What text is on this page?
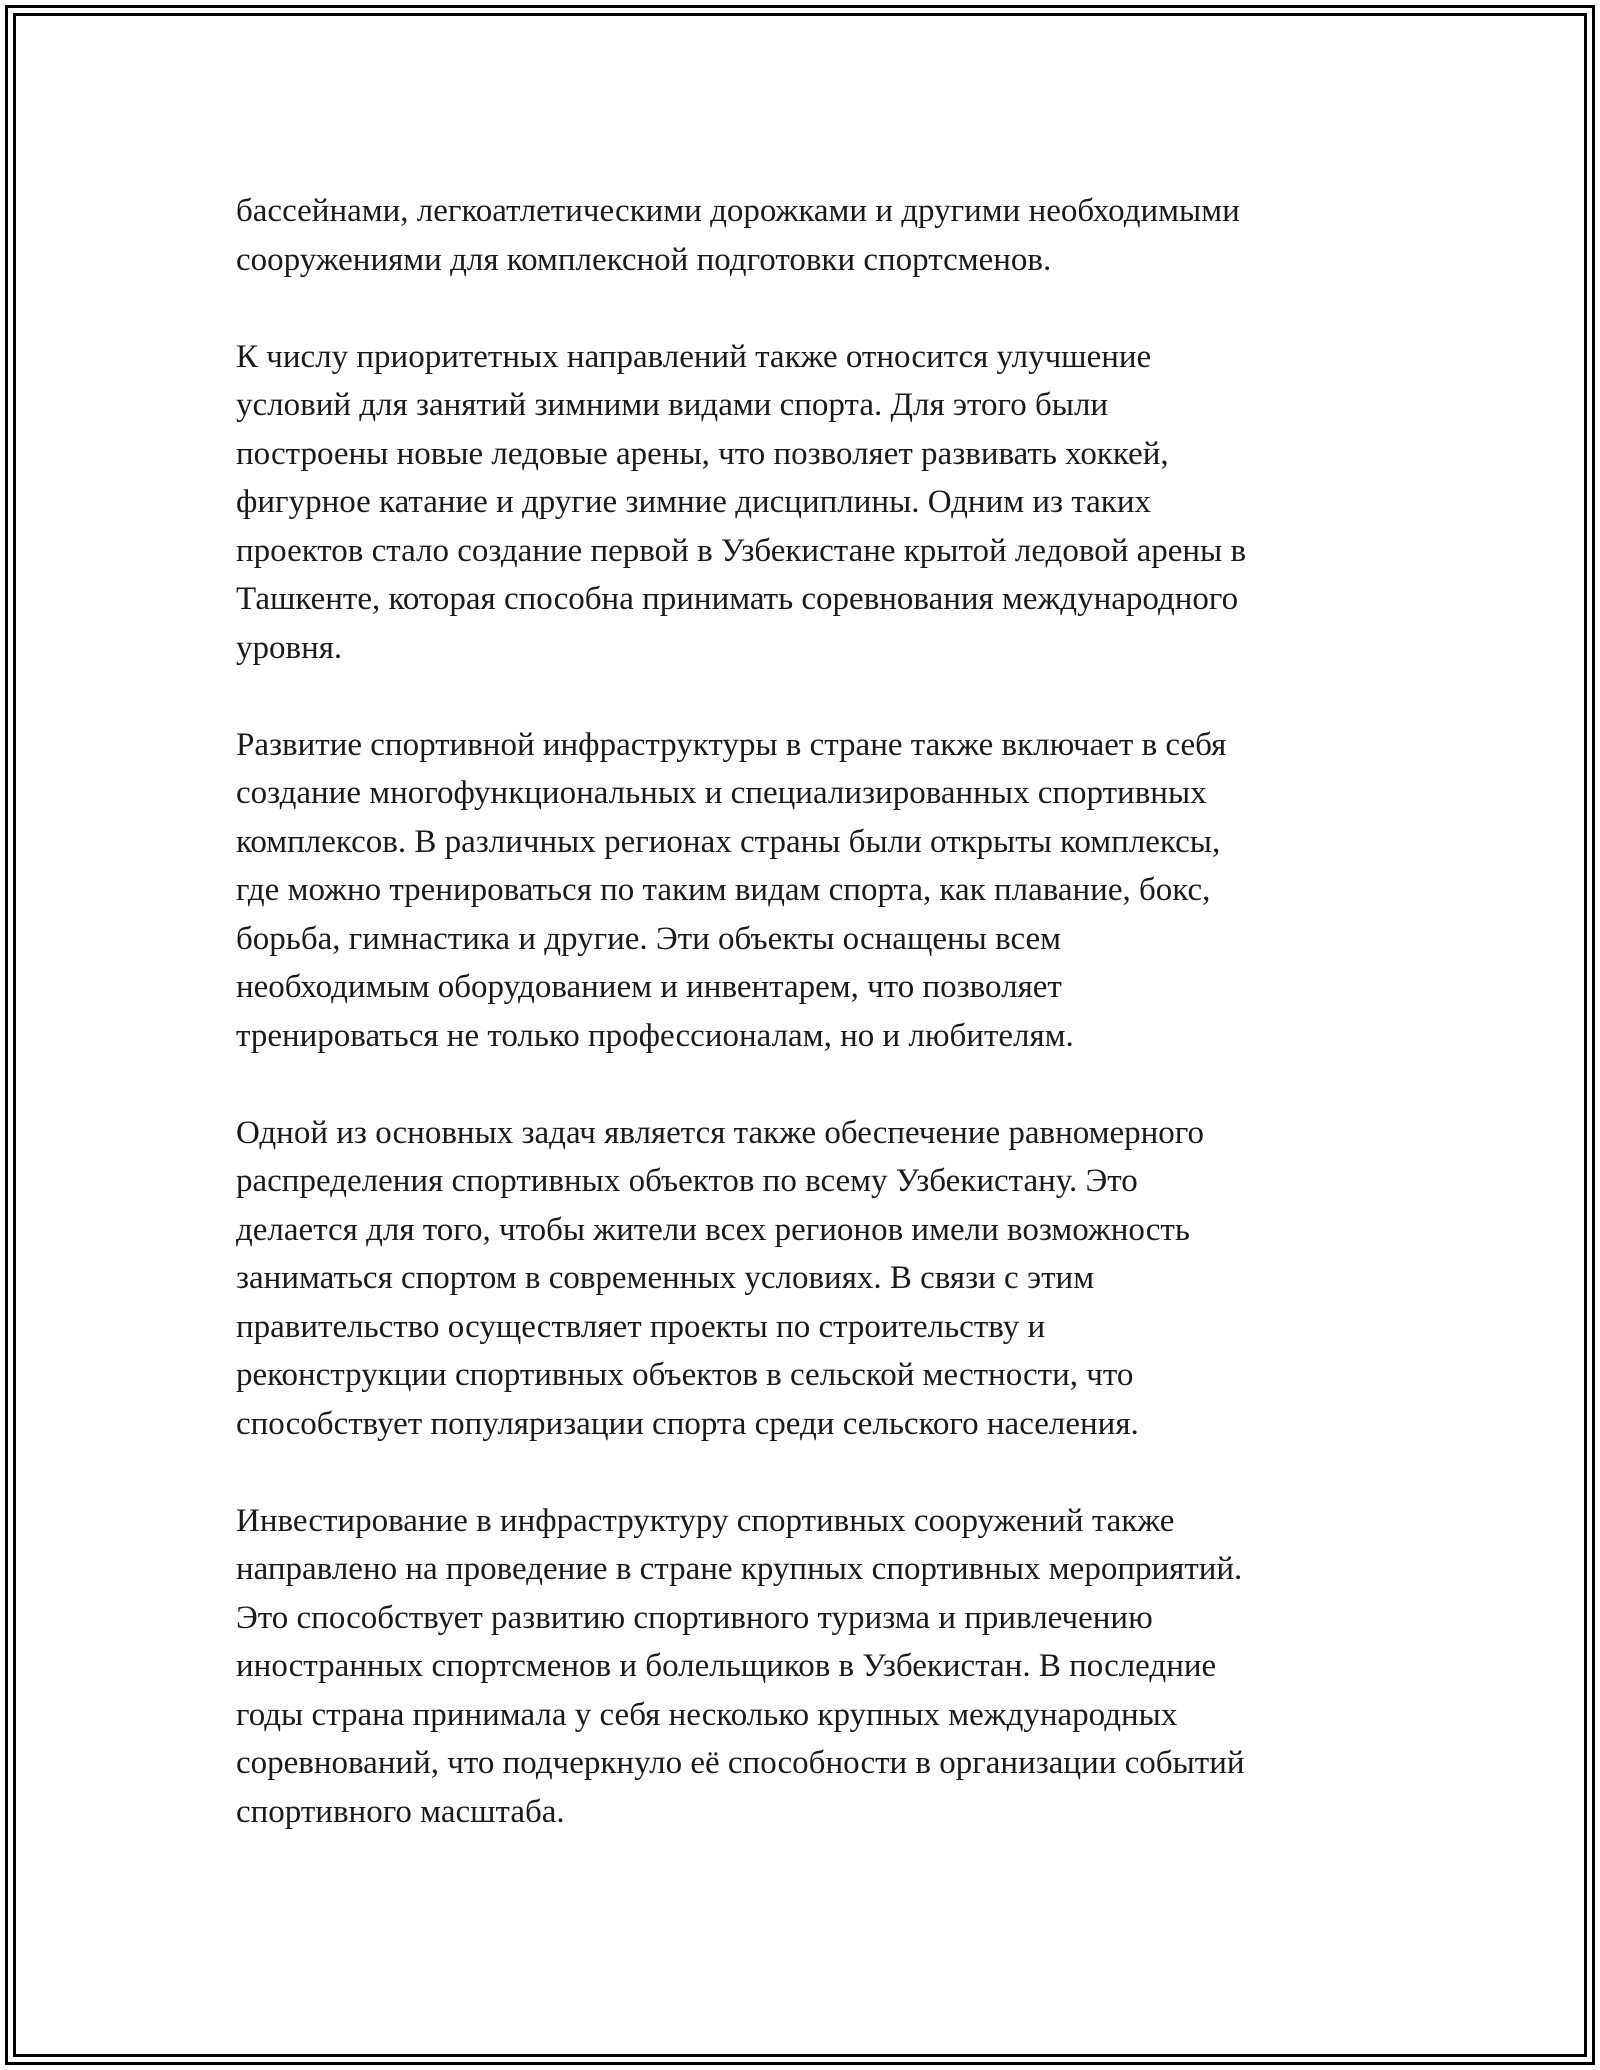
бассейнами, легкоатлетическими дорожками и другими необходимыми
сооружениями для комплексной подготовки спортсменов.

К числу приоритетных направлений также относится улучшение
условий для занятий зимними видами спорта. Для этого были
построены новые ледовые арены, что позволяет развивать хоккей,
фигурное катание и другие зимние дисциплины. Одним из таких
проектов стало создание первой в Узбекистане крытой ледовой арены в
Ташкенте, которая способна принимать соревнования международного
уровня.

Развитие спортивной инфраструктуры в стране также включает в себя
создание многофункциональных и специализированных спортивных
комплексов. В различных регионах страны были открыты комплексы,
где можно тренироваться по таким видам спорта, как плавание, бокс,
борьба, гимнастика и другие. Эти объекты оснащены всем
необходимым оборудованием и инвентарем, что позволяет
тренироваться не только профессионалам, но и любителям.

Одной из основных задач является также обеспечение равномерного
распределения спортивных объектов по всему Узбекистану. Это
делается для того, чтобы жители всех регионов имели возможность
заниматься спортом в современных условиях. В связи с этим
правительство осуществляет проекты по строительству и
реконструкции спортивных объектов в сельской местности, что
способствует популяризации спорта среди сельского населения.

Инвестирование в инфраструктуру спортивных сооружений также
направлено на проведение в стране крупных спортивных мероприятий.
Это способствует развитию спортивного туризма и привлечению
иностранных спортсменов и болельщиков в Узбекистан. В последние
годы страна принимала у себя несколько крупных международных
соревнований, что подчеркнуло её способности в организации событий
спортивного масштаба.
